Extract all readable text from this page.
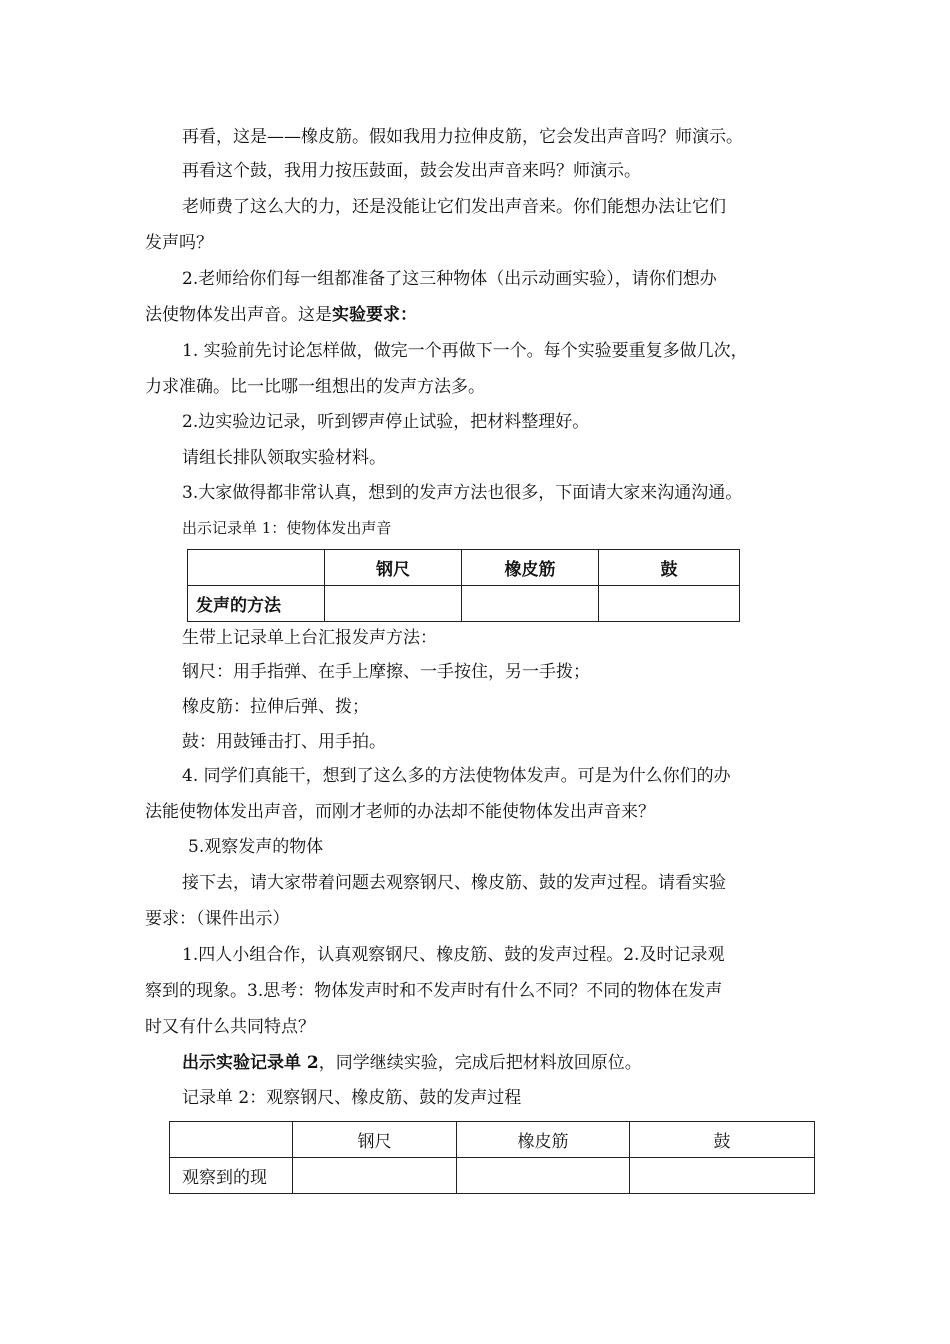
再看，这是——橡皮筋。假如我用力拉伸皮筋，它会发出声音吗？师演示。
再看这个鼓，我用力按压鼓面，鼓会发出声音来吗？师演示。
老师费了这么大的力，还是没能让它们发出声音来。你们能想办法让它们
发声吗？
2.老师给你们每一组都准备了这三种物体（出示动画实验），请你们想办
法使物体发出声音。这是实验要求：
1. 实验前先讨论怎样做，做完一个再做下一个。每个实验要重复多做几次，
力求准确。比一比哪一组想出的发声方法多。
2.边实验边记录，听到锣声停止试验，把材料整理好。
请组长排队领取实验材料。
3.大家做得都非常认真，想到的发声方法也很多，下面请大家来沟通沟通。
出示记录单 1：使物体发出声音
	钢尺	橡皮筋	鼓
发声的方法			
生带上记录单上台汇报发声方法：
钢尺：用手指弹、在手上摩擦、一手按住，另一手拨；
橡皮筋：拉伸后弹、拨；
鼓：用鼓锤击打、用手拍。
4. 同学们真能干，想到了这么多的方法使物体发声。可是为什么你们的办
法能使物体发出声音，而刚才老师的办法却不能使物体发出声音来？
5.观察发声的物体
接下去，请大家带着问题去观察钢尺、橡皮筋、鼓的发声过程。请看实验
要求：（课件出示）
1.四人小组合作，认真观察钢尺、橡皮筋、鼓的发声过程。2.及时记录观
察到的现象。3.思考：物体发声时和不发声时有什么不同？不同的物体在发声
时又有什么共同特点？
出示实验记录单 2，同学继续实验，完成后把材料放回原位。
记录单 2：观察钢尺、橡皮筋、鼓的发声过程
	钢尺	橡皮筋	鼓
观察到的现			
